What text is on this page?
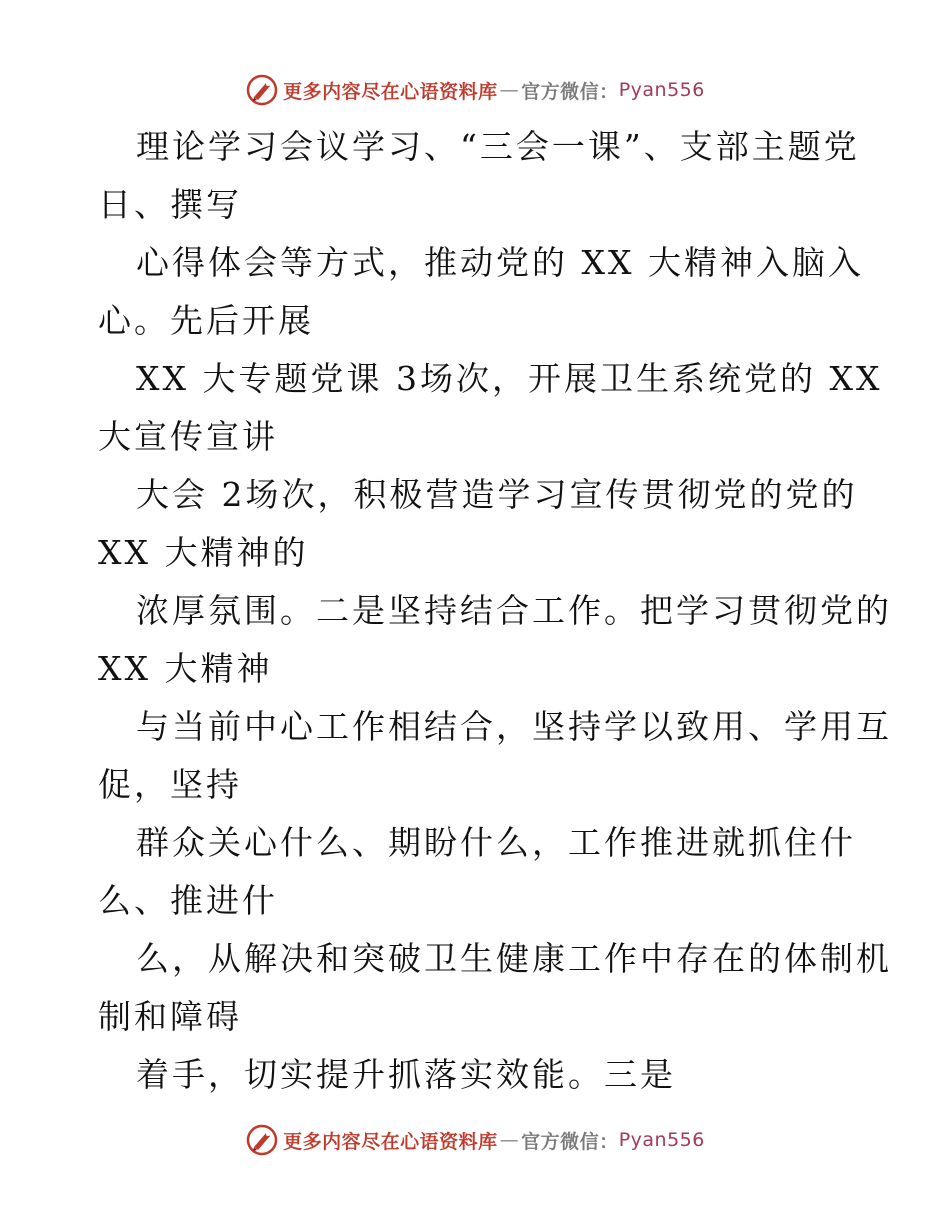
更多内容尽在心语资料库 — 官方微信： Pyan556
理论学习会议学习、“三会一课”、支部主题党
日、撰写
心得体会等方式，推动党的 XX 大精神入脑入
心。先后开展
XX 大专题党课 3场次，开展卫生系统党的 XX
大宣传宣讲
大会 2场次，积极营造学习宣传贯彻党的党的
XX 大精神的
浓厚氛围。二是坚持结合工作。把学习贯彻党的
XX 大精神
与当前中心工作相结合，坚持学以致用、学用互
促，坚持
群众关心什么、期盼什么，工作推进就抓住什
么、推进什
么，从解决和突破卫生健康工作中存在的体制机
制和障碍
着手，切实提升抓落实效能。三是
更多内容尽在心语资料库 — 官方微信： Pyan556
